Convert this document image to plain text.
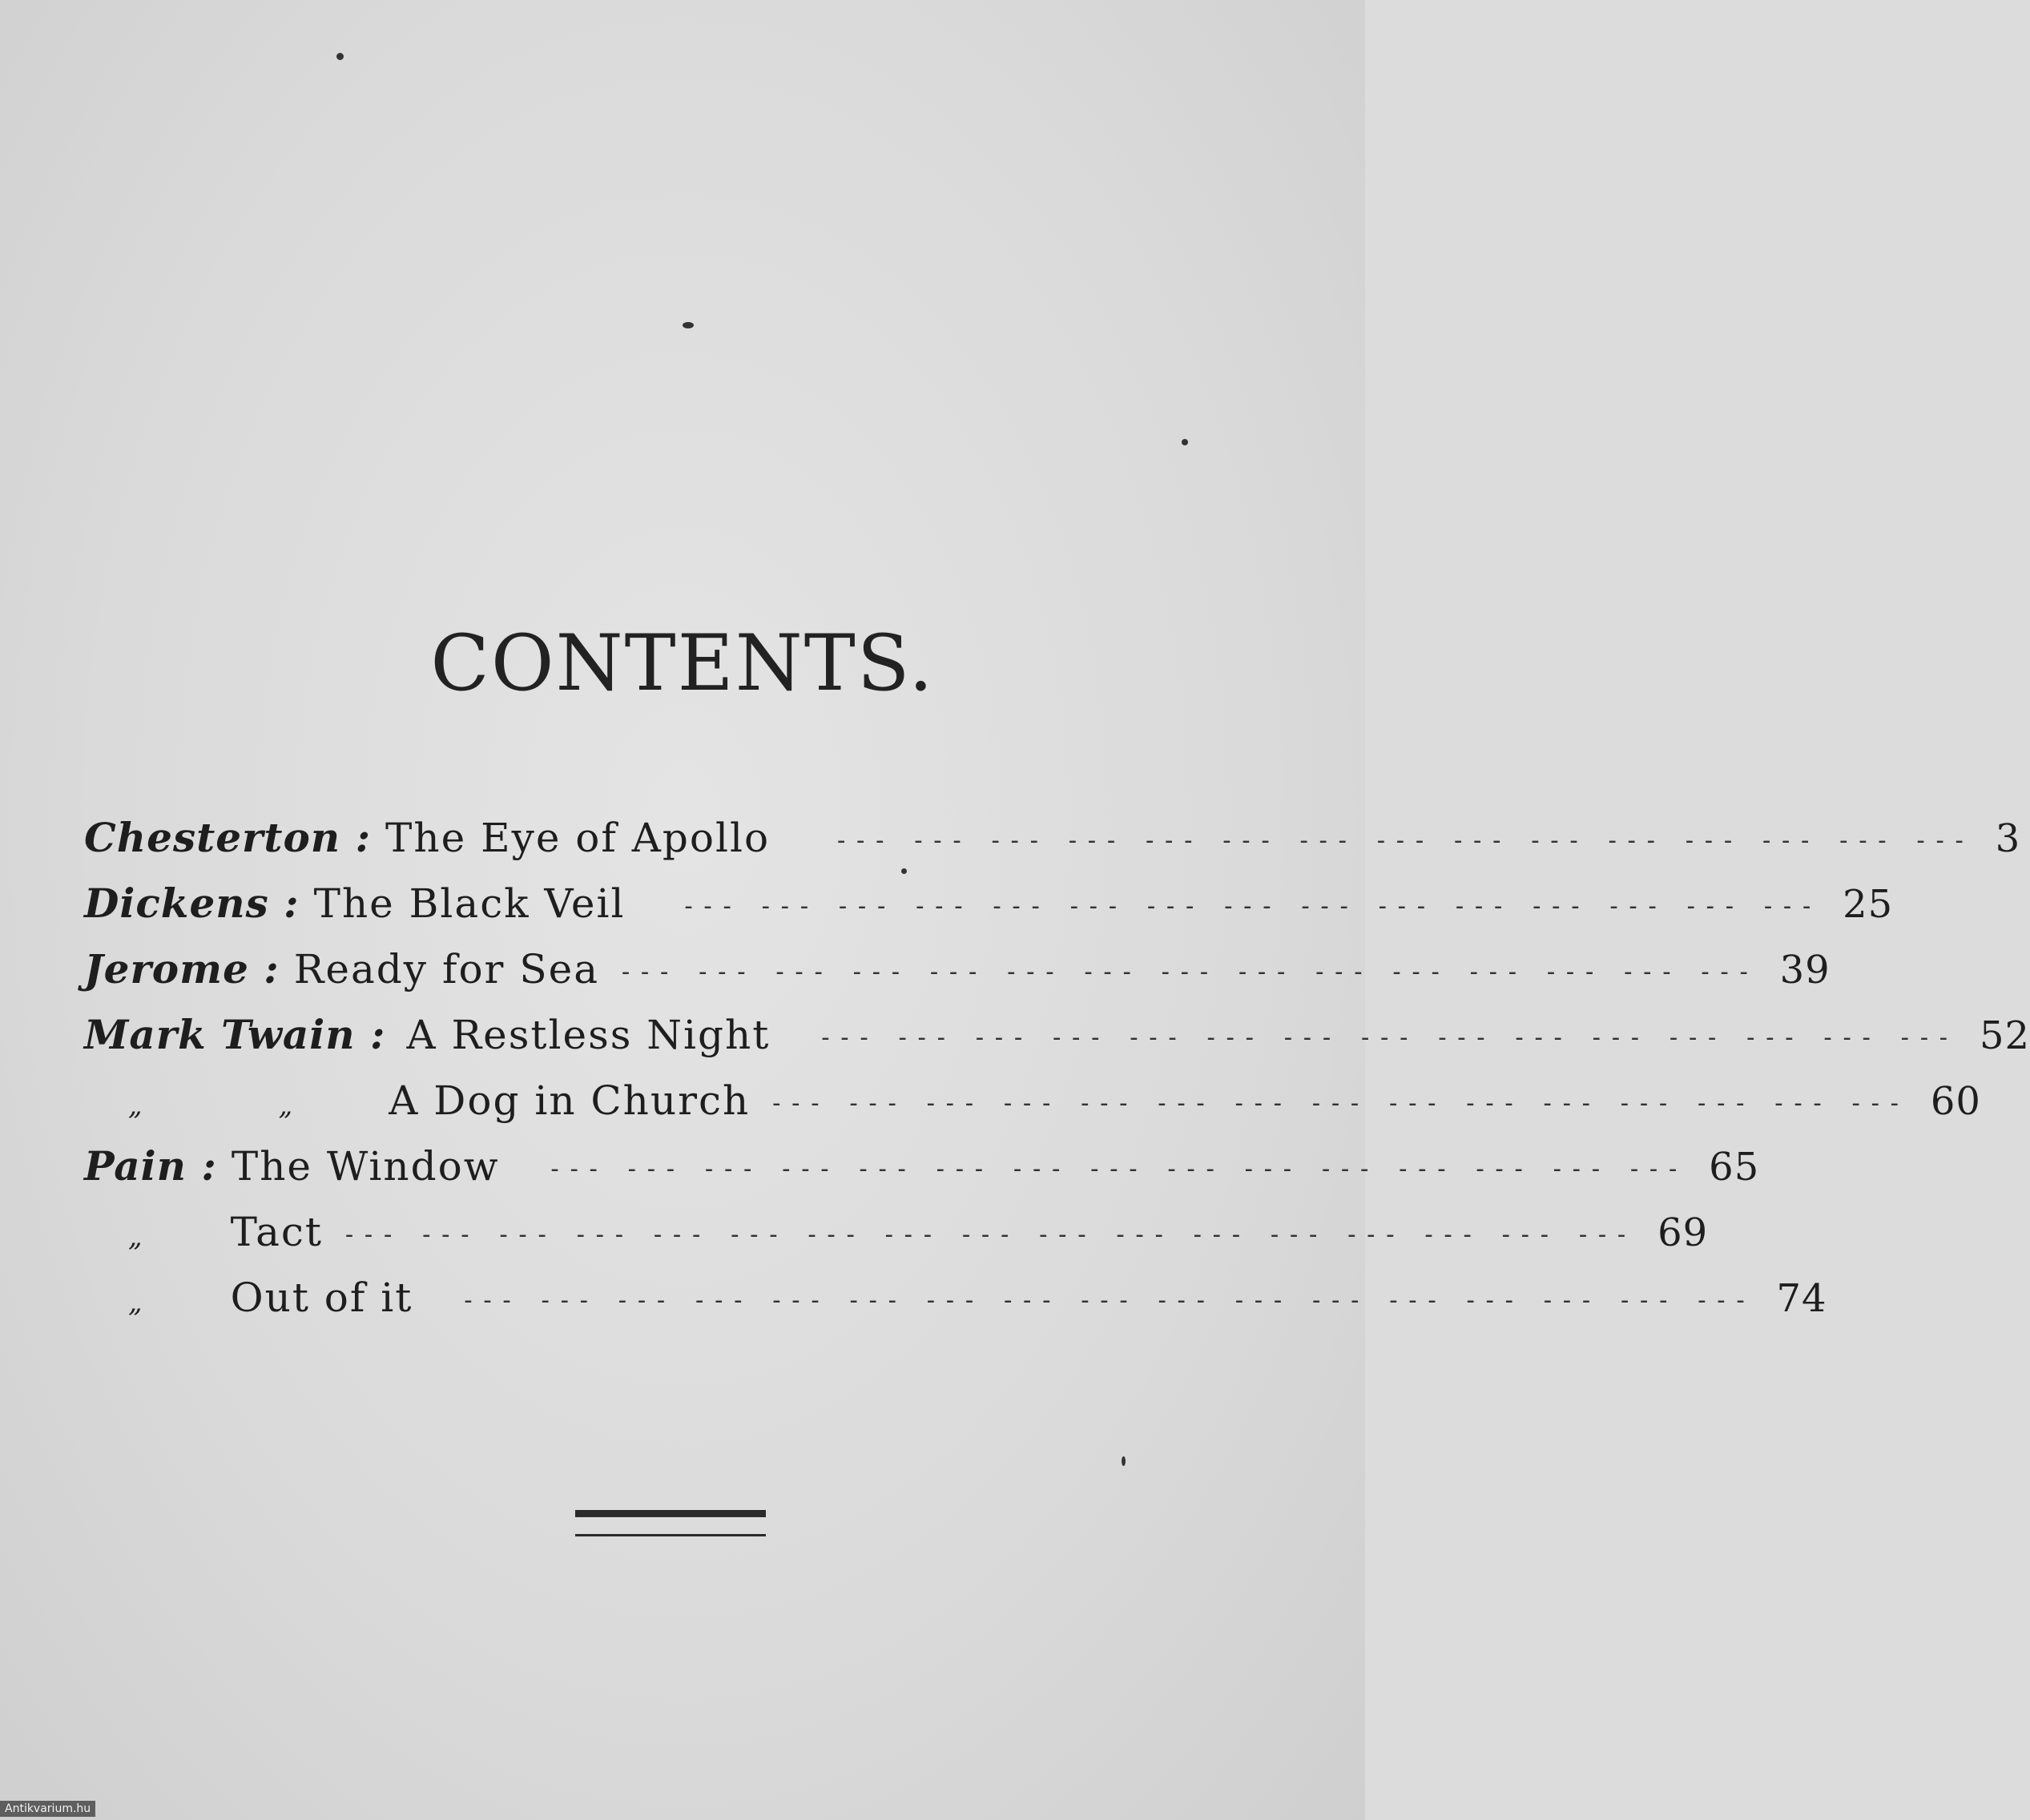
CONTENTS.
Chesterton : The Eye of Apollo	--- --- --- --- --- --- --- --- --- --- --- --- --- --- --- 3
Dickens : The Black Veil --- --- --- --- --- --- --- --- --- --- --- --- --- --- --- 25
Jerome : Ready for Sea --- --- --- --- --- --- --- --- --- --- --- --- --- --- --- 39
Mark Twain : A Restless Night --- --- --- --- --- --- --- --- --- --- --- --- --- --- --- 52
„	„ A Dog in Church --- --- --- --- --- --- --- --- --- --- --- --- --- --- --- 60
Pain : The Window --- --- --- --- --- --- --- --- --- --- --- --- --- --- --- 65
„ Tact --- --- --- --- --- --- --- --- --- --- --- --- --- --- --- --- --- 69
„ Out of it --- --- --- --- --- --- --- --- --- --- --- --- --- --- --- --- --- 74
Antikvarium.hu
